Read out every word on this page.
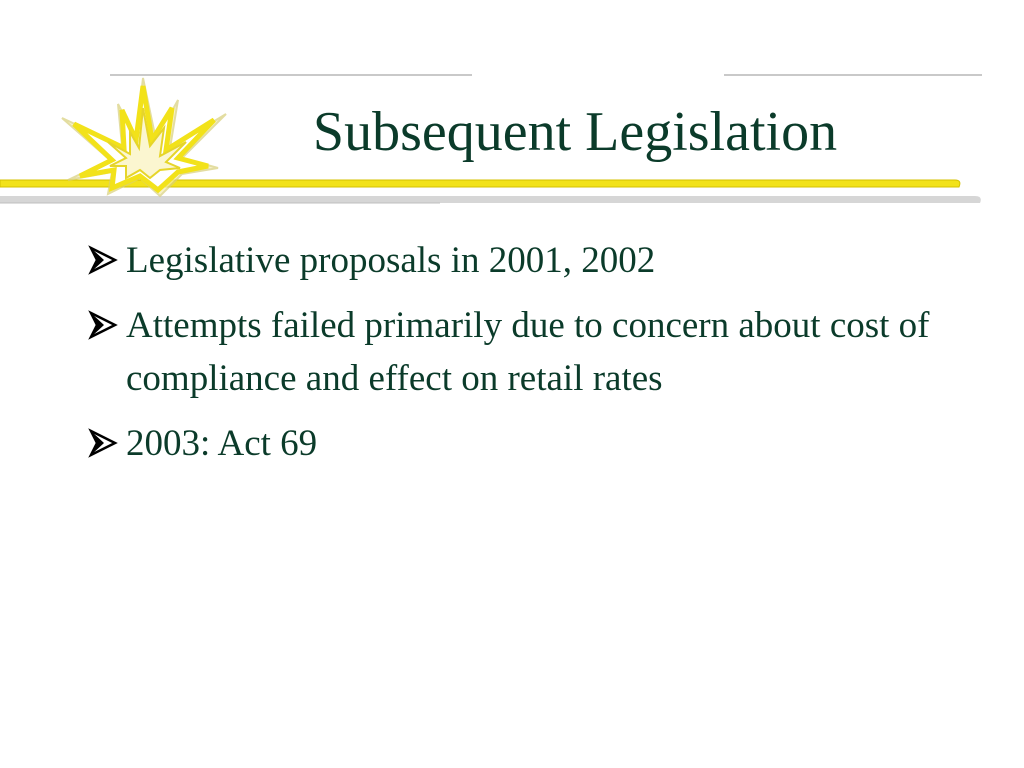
Subsequent Legislation
Legislative proposals in 2001, 2002
Attempts failed primarily due to concern about cost of compliance and effect on retail rates
2003: Act 69
